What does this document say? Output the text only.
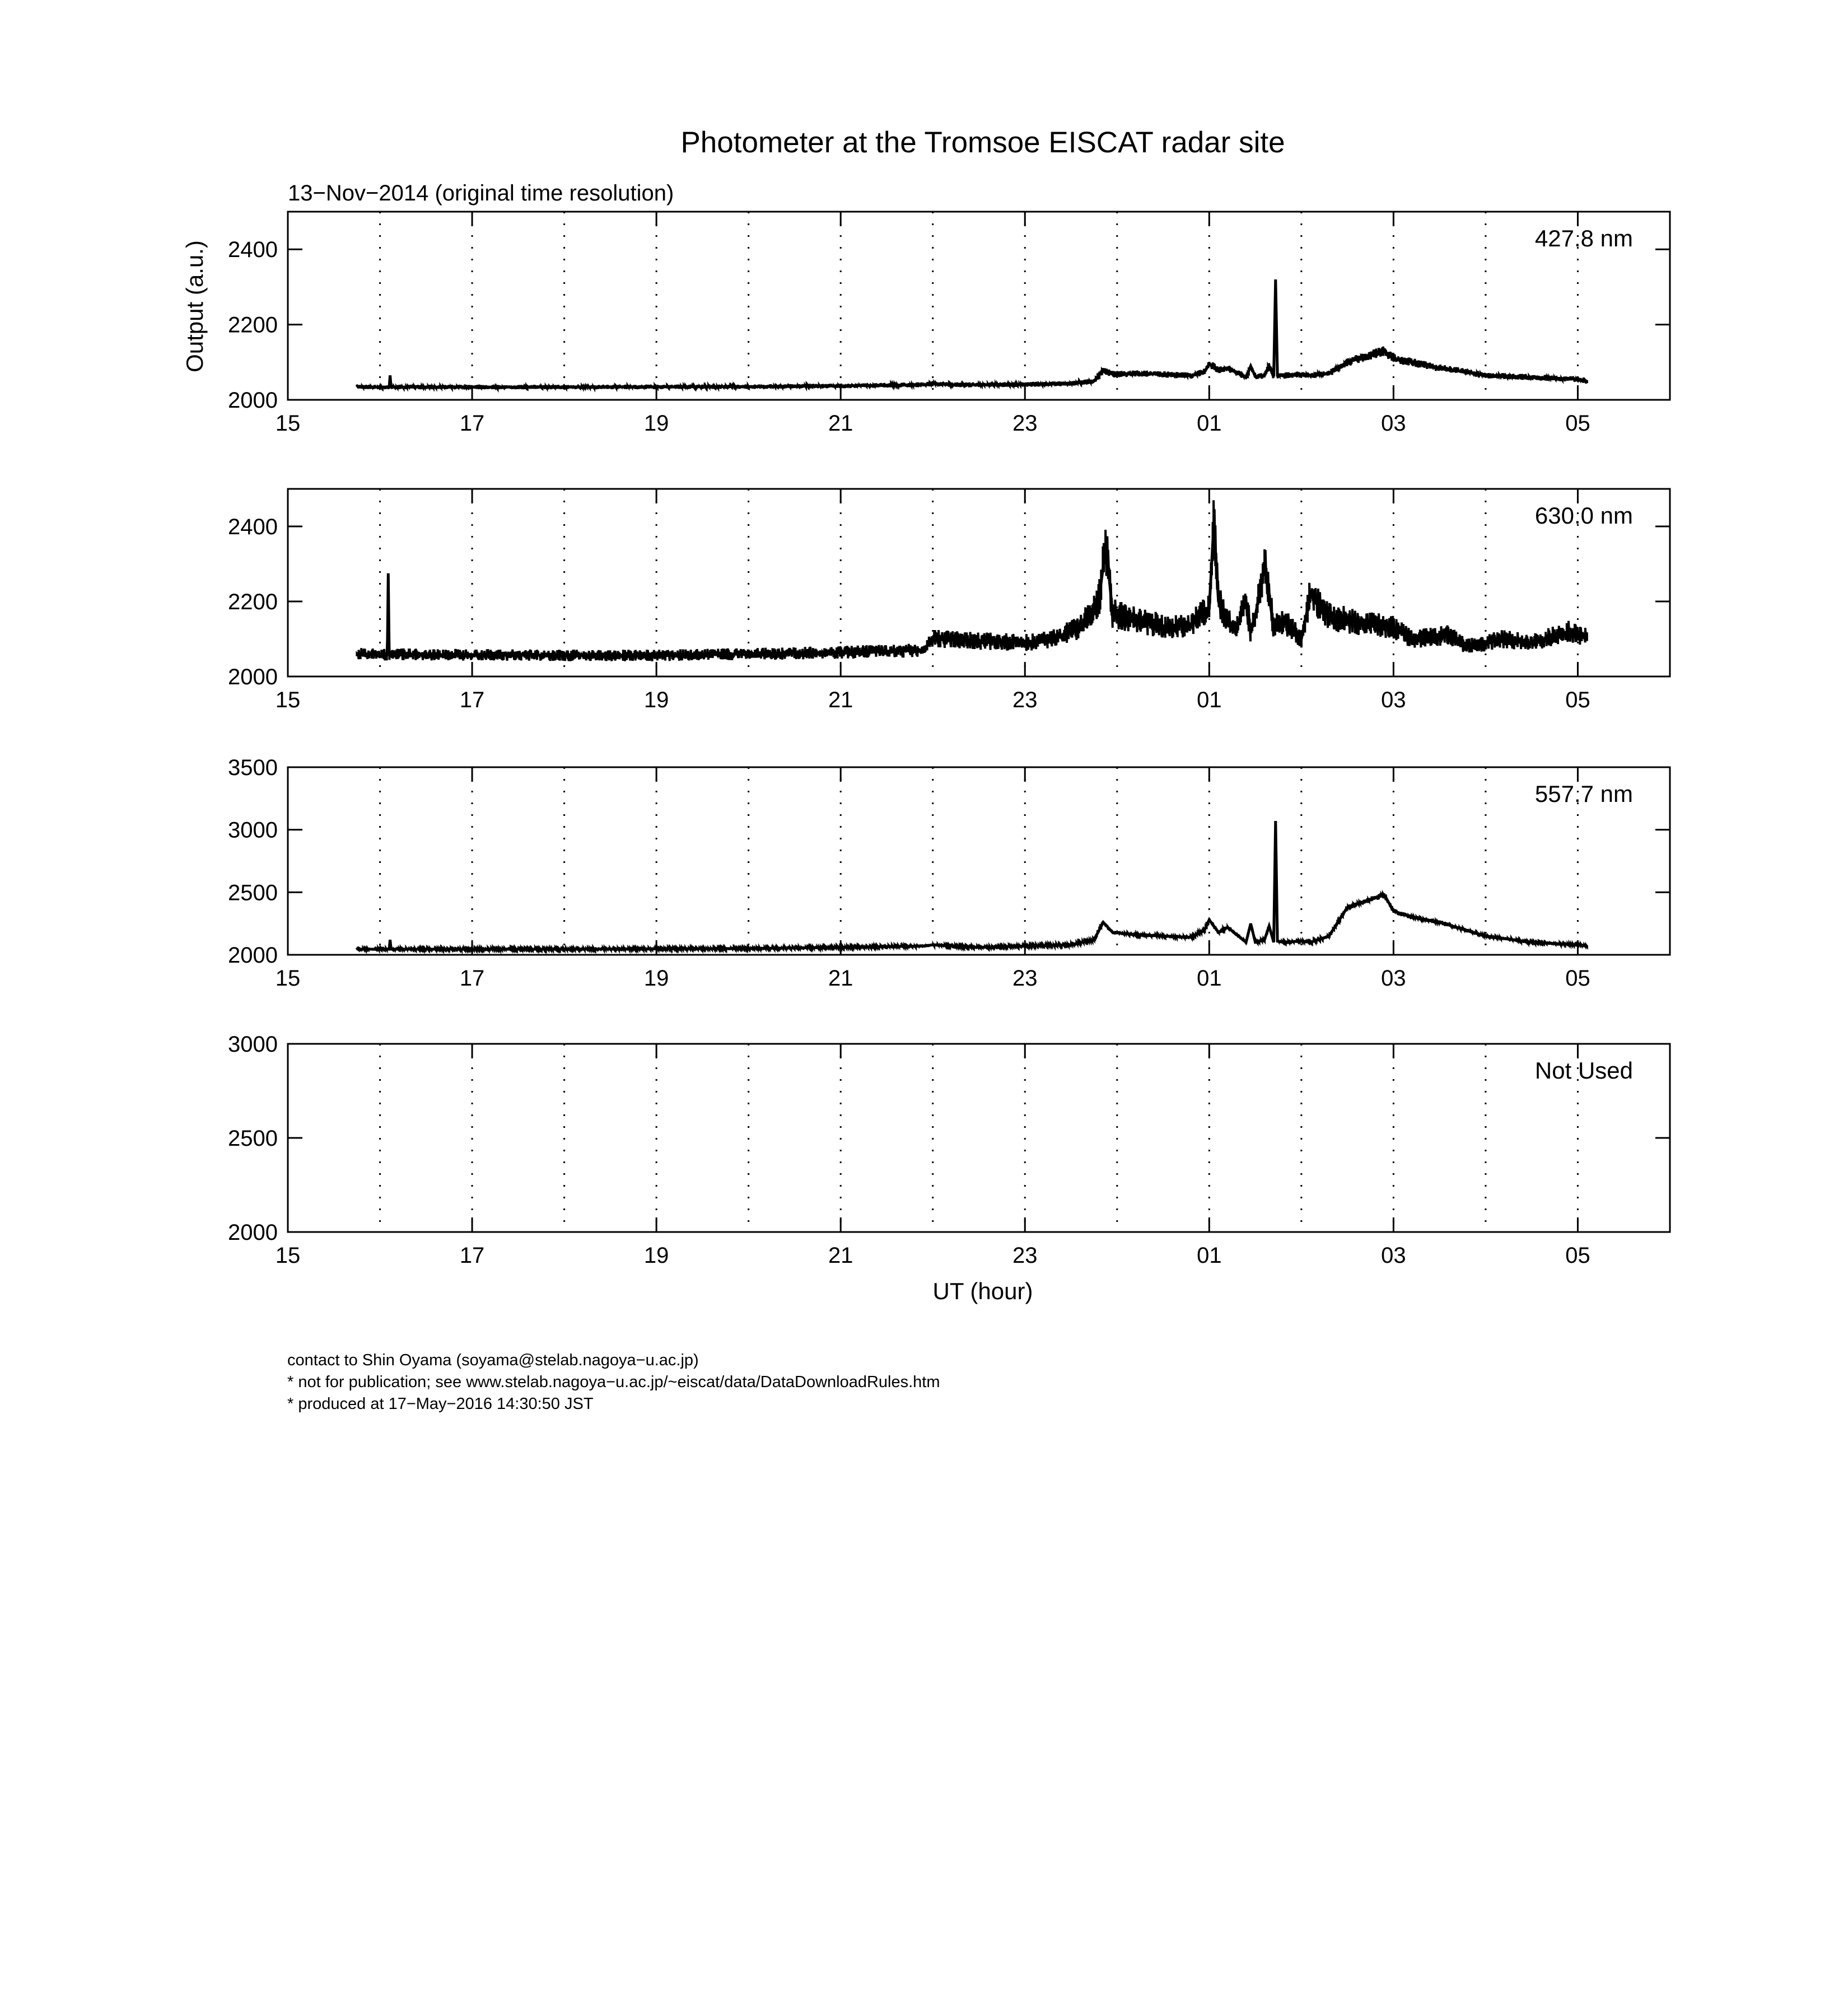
Photometer at the Tromsoe EISCAT radar site
13−Nov−2014 (original time resolution)
Output (a.u.)
UT (hour)
2000
2200
2400
15	17	19	21	23	01	03	05
427.8 nm
2000
2200
2400
15	17	19	21	23	01	03	05
630.0 nm
2000
2500
3000
3500
15	17	19	21	23	01	03	05
557.7 nm
2000
2500
3000
15	17	19	21	23	01	03	05
Not Used
contact to Shin Oyama (soyama@stelab.nagoya−u.ac.jp)
* not for publication; see www.stelab.nagoya−u.ac.jp/~eiscat/data/DataDownloadRules.htm
* produced at 17−May−2016 14:30:50 JST
